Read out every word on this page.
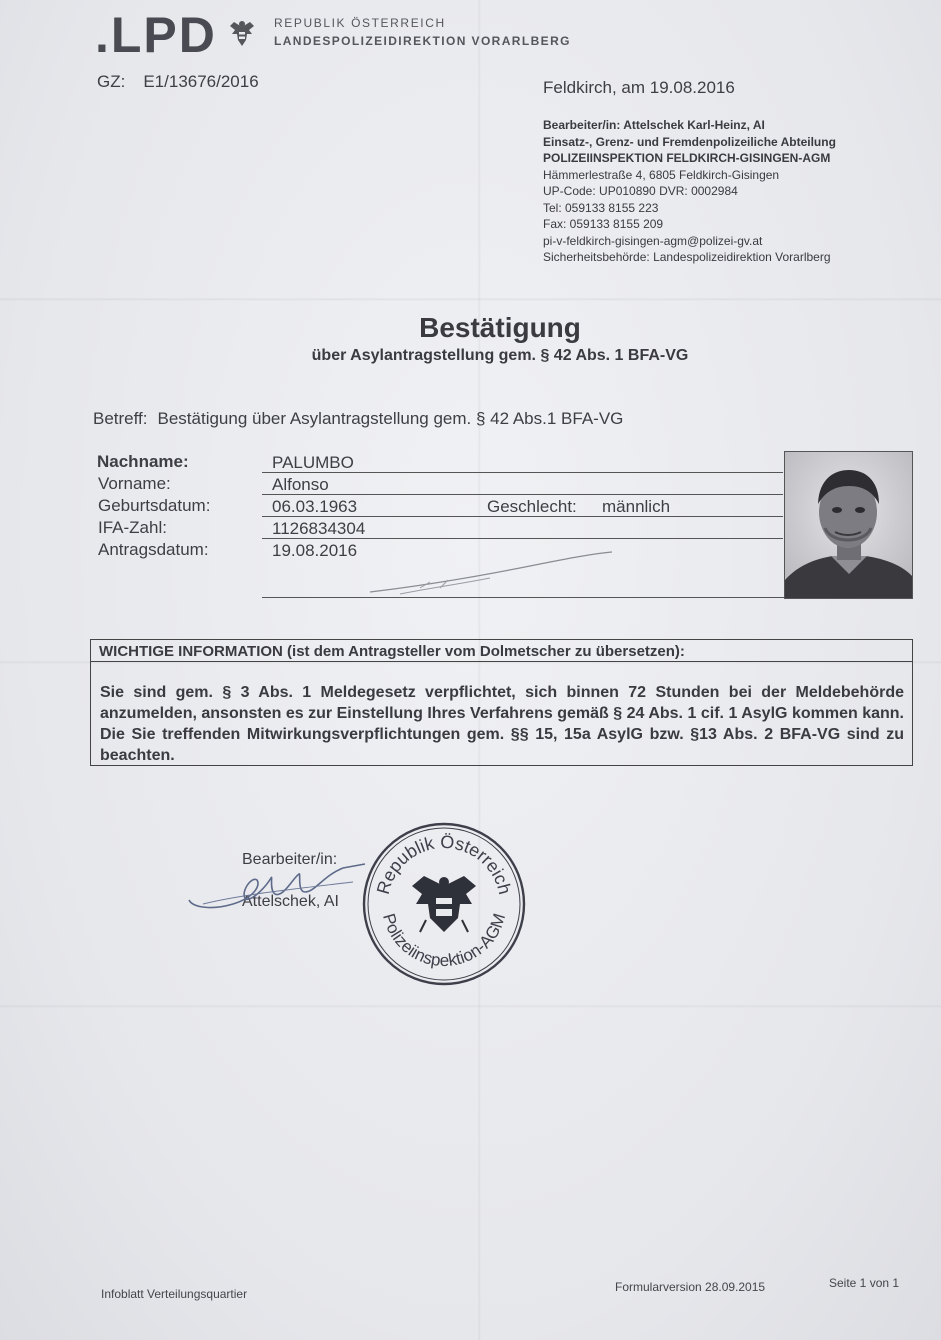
.LPD	REPUBLIK ÖSTERREICH
LANDESPOLIZEIDIREKTION VORARLBERG
GZ: E1/13676/2016	Feldkirch, am 19.08.2016
Bearbeiter/in: Attelschek Karl-Heinz, AI
Einsatz-, Grenz- und Fremdenpolizeiliche Abteilung
POLIZEIINSPEKTION FELDKIRCH-GISINGEN-AGM
Hämmerlestraße 4, 6805 Feldkirch-Gisingen
UP-Code: UP010890 DVR: 0002984
Tel: 059133 8155 223
Fax: 059133 8155 209
pi-v-feldkirch-gisingen-agm@polizei-gv.at
Sicherheitsbehörde: Landespolizeidirektion Vorarlberg
Bestätigung
über Asylantragstellung gem. § 42 Abs. 1 BFA-VG
Betreff: Bestätigung über Asylantragstellung gem. § 42 Abs.1 BFA-VG
Nachname:	PALUMBO
Vorname:	Alfonso
Geburtsdatum:	06.03.1963	Geschlecht: männlich
IFA-Zahl:	1126834304
Antragsdatum:	19.08.2016
WICHTIGE INFORMATION (ist dem Antragsteller vom Dolmetscher zu übersetzen):
Sie sind gem. § 3 Abs. 1 Meldegesetz verpflichtet, sich binnen 72 Stunden bei der Meldebehörde anzumelden, ansonsten es zur Einstellung Ihres Verfahrens gemäß § 24 Abs. 1 cif. 1 AsylG kommen kann. Die Sie treffenden Mitwirkungsverpflichtungen gem. §§ 15, 15a AsylG bzw. §13 Abs. 2 BFA-VG sind zu beachten.
Bearbeiter/in:
Attelschek, AI
Republik Österreich
Polizeiinspektion-AGM
Infoblatt Verteilungsquartier	Formularversion 28.09.2015	Seite 1 von 1
